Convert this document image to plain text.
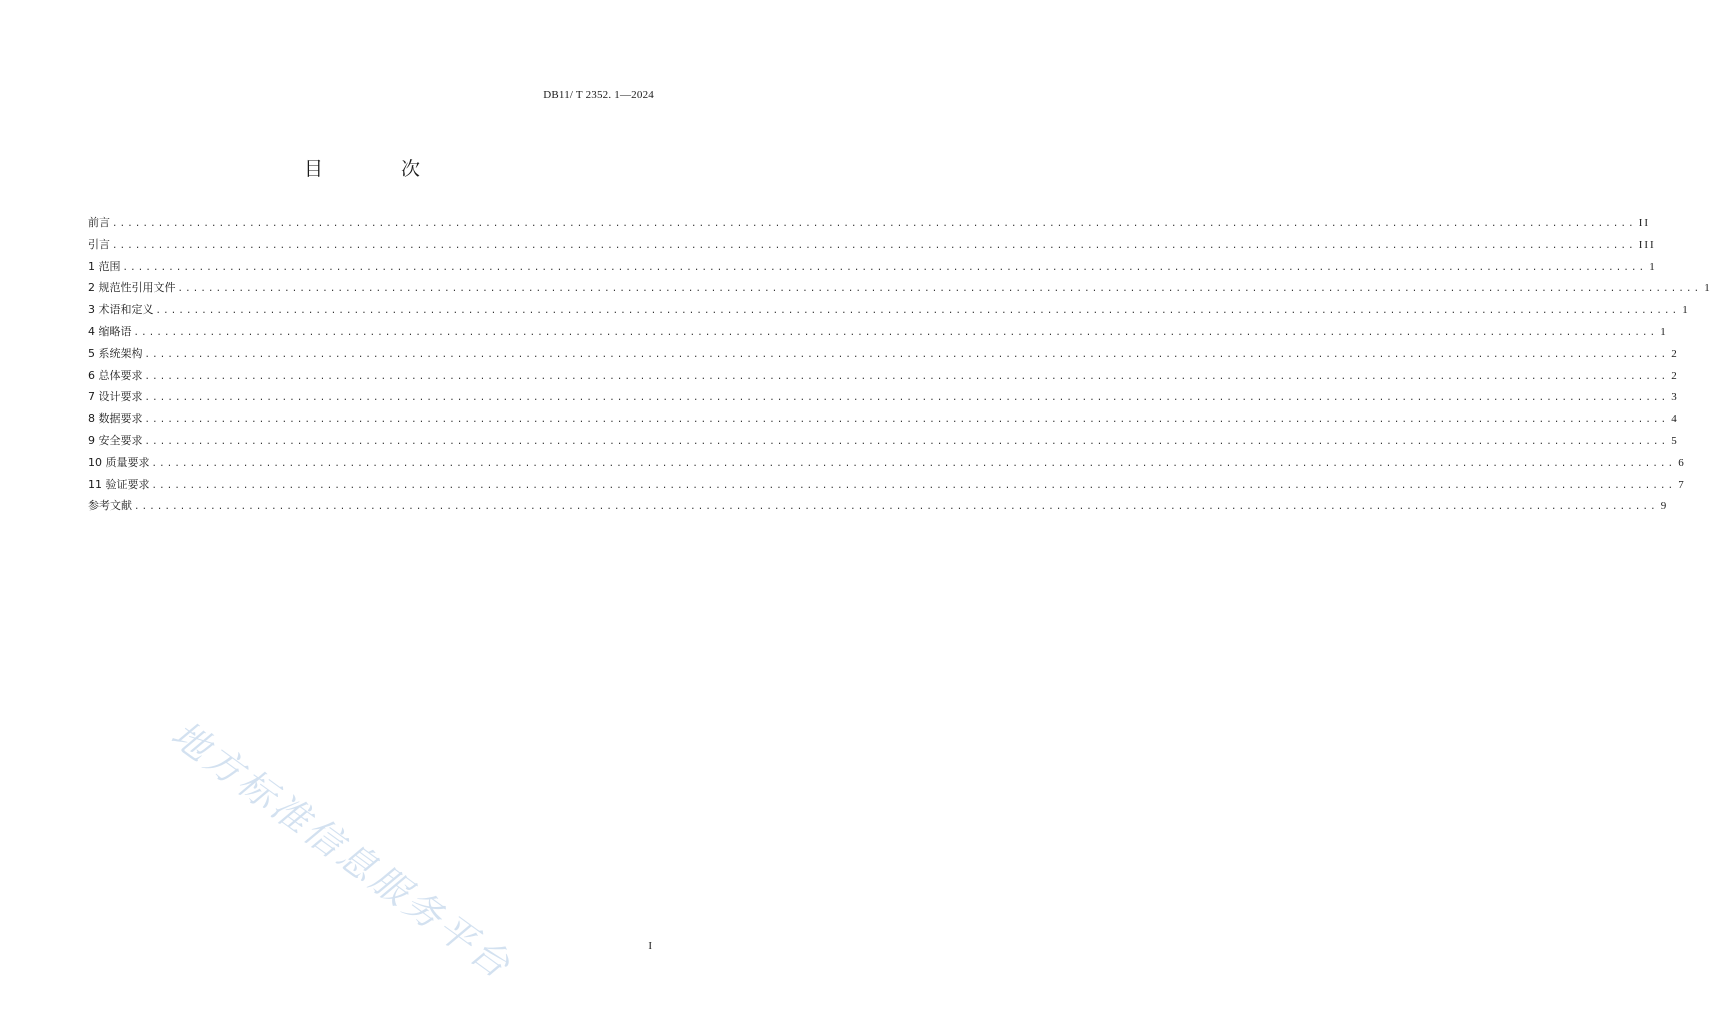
DB11/ T 2352. 1—2024
目 次
前言 ........................................................................................................................................................................................................ II
引言 ........................................................................................................................................................................................................ III
1 范围 ........................................................................................................................................................................................................ 1
2 规范性引用文件 ........................................................................................................................................................................................................ 1
3 术语和定义 ........................................................................................................................................................................................................ 1
4 缩略语 ........................................................................................................................................................................................................ 1
5 系统架构 ........................................................................................................................................................................................................ 2
6 总体要求 ........................................................................................................................................................................................................ 2
7 设计要求 ........................................................................................................................................................................................................ 3
8 数据要求 ........................................................................................................................................................................................................ 4
9 安全要求 ........................................................................................................................................................................................................ 5
10 质量要求 ........................................................................................................................................................................................................ 6
11 验证要求 ........................................................................................................................................................................................................ 7
参考文献 ........................................................................................................................................................................................................ 9
地方标准信息服务平台	I
